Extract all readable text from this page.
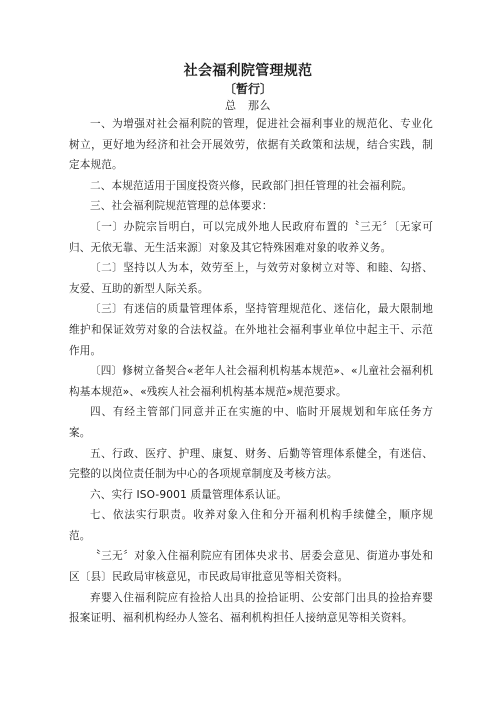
社会福利院管理规范
〔暂行〕
总　那么

一、为增强对社会福利院的管理，促进社会福利事业的规范化、专业化树立，更好地为经济和社会开展效劳，依据有关政策和法规，结合实践，制定本规范。

二、本规范适用于国度投资兴修，民政部门担任管理的社会福利院。

三、社会福利院规范管理的总体要求：

〔一〕办院宗旨明白，可以完成外地人民政府布置的〝三无〞〔无家可归、无依无靠、无生活来源〕对象及其它特殊困难对象的收养义务。

〔二〕坚持以人为本，效劳至上，与效劳对象树立对等、和睦、勾搭、友爱、互助的新型人际关系。

〔三〕有迷信的质量管理体系，坚持管理规范化、迷信化，最大限制地维护和保证效劳对象的合法权益。在外地社会福利事业单位中起主干、示范作用。

〔四〕修树立备契合«老年人社会福利机构基本规范»、«儿童社会福利机构基本规范»、«残疾人社会福利机构基本规范»规范要求。

四、有经主管部门同意并正在实施的中、临时开展规划和年底任务方案。

五、行政、医疗、护理、康复、财务、后勤等管理体系健全，有迷信、完整的以岗位责任制为中心的各项规章制度及考核方法。

六、实行 ISO-9001 质量管理体系认证。

七、依法实行职责。收养对象入住和分开福利机构手续健全，顺序规范。

〝三无〞对象入住福利院应有团体央求书、居委会意见、街道办事处和区〔县〕民政局审核意见，市民政局审批意见等相关资料。

弃婴入住福利院应有捡拾人出具的捡拾证明、公安部门出具的捡拾弃婴报案证明、福利机构经办人签名、福利机构担任人接纳意见等相关资料。
